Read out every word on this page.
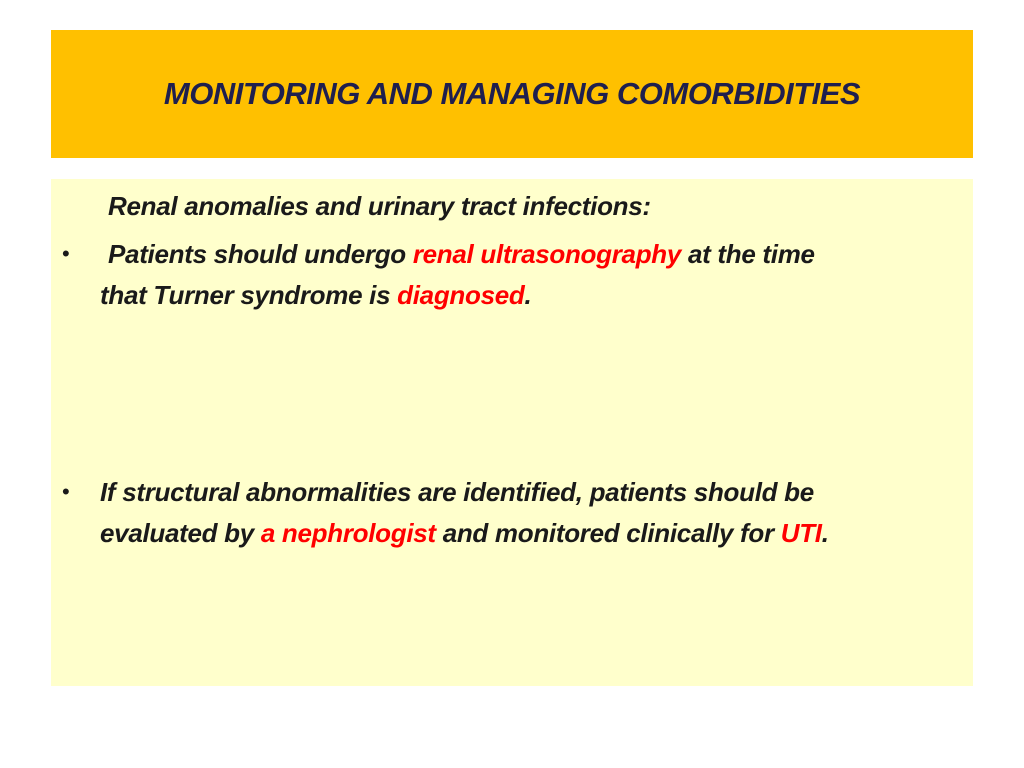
MONITORING AND MANAGING COMORBIDITIES
Renal anomalies and urinary tract infections:
• Patients should undergo renal ultrasonography at the time
that Turner syndrome is diagnosed.
• If structural abnormalities are identified, patients should be
evaluated by a nephrologist and monitored clinically for UTI.
